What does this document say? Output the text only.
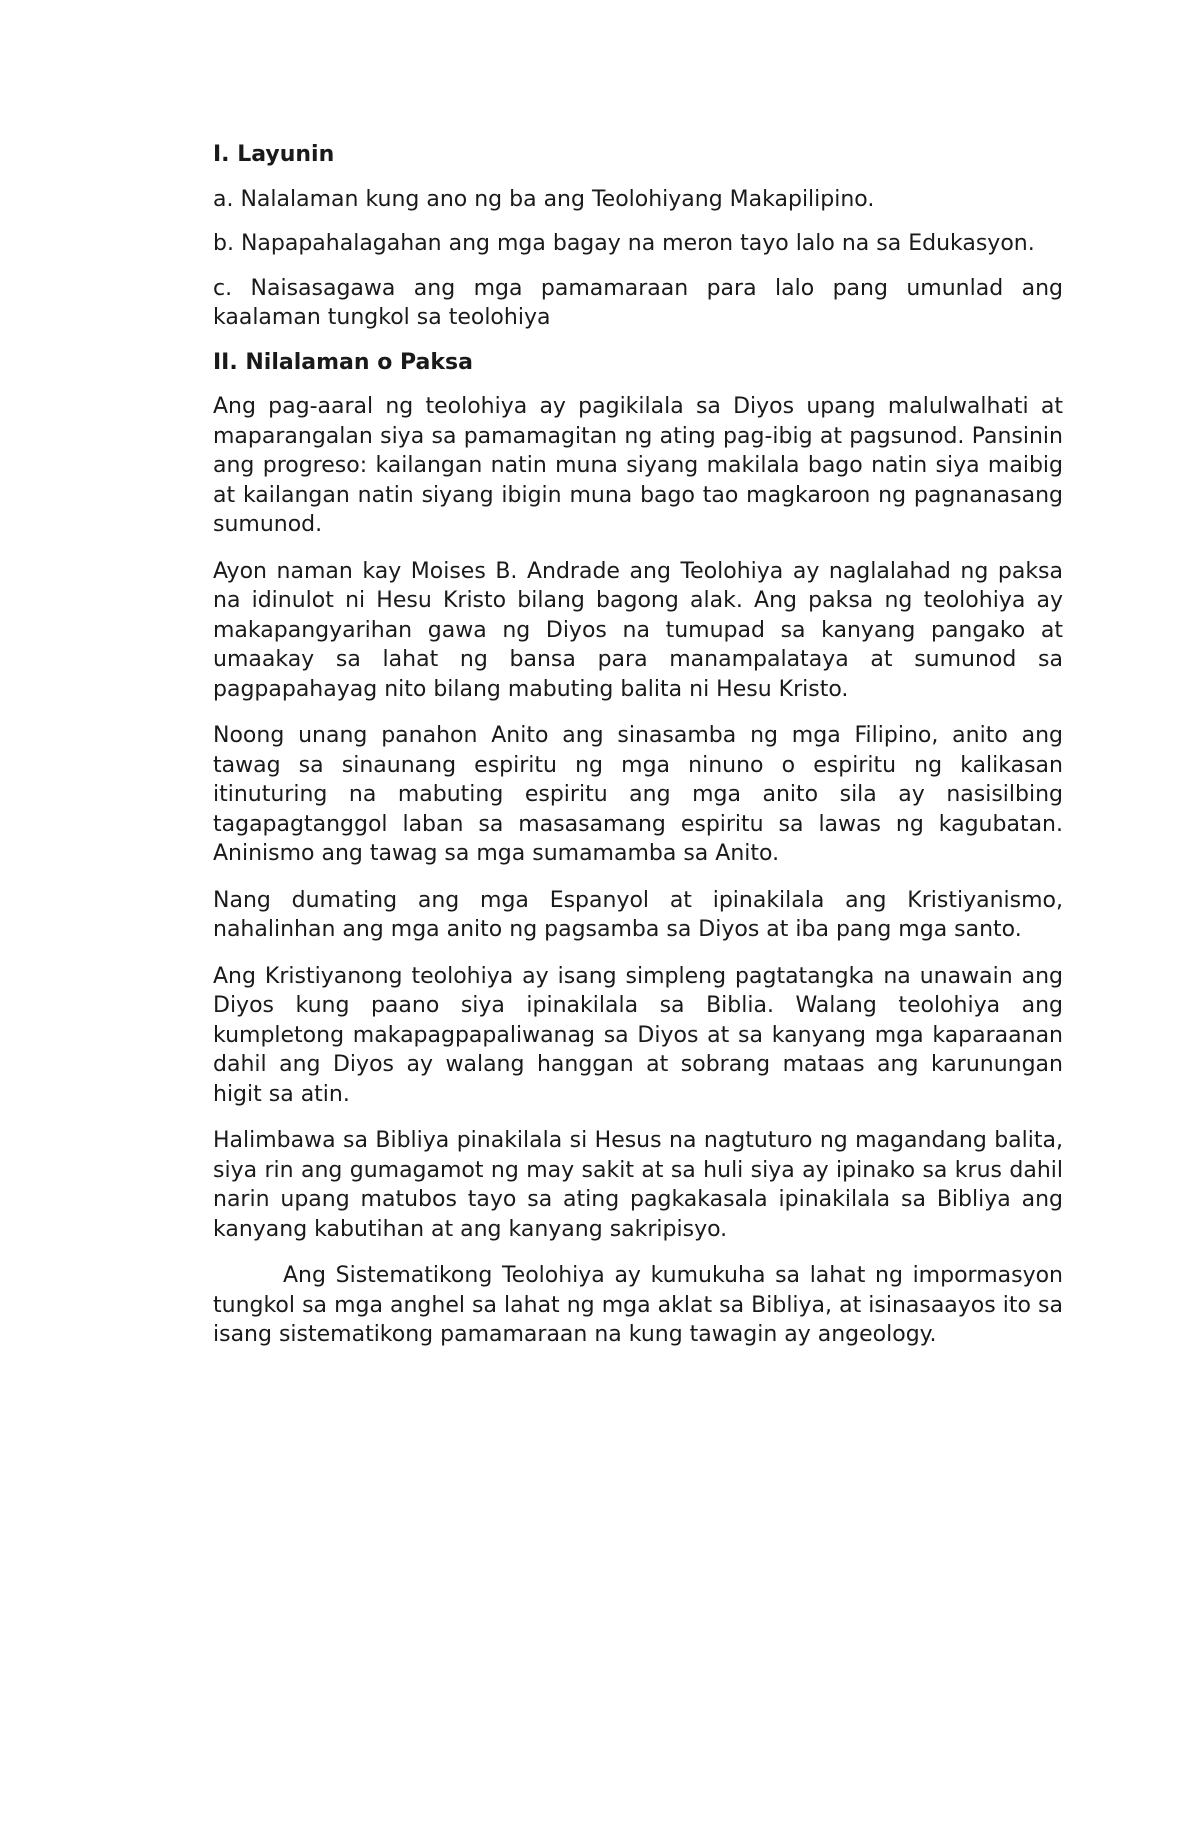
I. Layunin
a. Nalalaman kung ano ng ba ang Teolohiyang Makapilipino.
b. Napapahalagahan ang mga bagay na meron tayo lalo na sa Edukasyon.
c. Naisasagawa ang mga pamamaraan para lalo pang umunlad ang kaalaman tungkol sa teolohiya
II. Nilalaman o Paksa
Ang pag-aaral ng teolohiya ay pagikilala sa Diyos upang malulwalhati at maparangalan siya sa pamamagitan ng ating pag-ibig at pagsunod. Pansinin ang progreso: kailangan natin muna siyang makilala bago natin siya maibig at kailangan natin siyang ibigin muna bago tao magkaroon ng pagnanasang sumunod.
Ayon naman kay Moises B. Andrade ang Teolohiya ay naglalahad ng paksa na idinulot ni Hesu Kristo bilang bagong alak. Ang paksa ng teolohiya ay makapangyarihan gawa ng Diyos na tumupad sa kanyang pangako at umaakay sa lahat ng bansa para manampalataya at sumunod sa pagpapahayag nito bilang mabuting balita ni Hesu Kristo.
Noong unang panahon Anito ang sinasamba ng mga Filipino, anito ang tawag sa sinaunang espiritu ng mga ninuno o espiritu ng kalikasan itinuturing na mabuting espiritu ang mga anito sila ay nasisilbing tagapagtanggol laban sa masasamang espiritu sa lawas ng kagubatan. Aninismo ang tawag sa mga sumamamba sa Anito.
Nang dumating ang mga Espanyol at ipinakilala ang Kristiyanismo, nahalinhan ang mga anito ng pagsamba sa Diyos at iba pang mga santo.
Ang Kristiyanong teolohiya ay isang simpleng pagtatangka na unawain ang Diyos kung paano siya ipinakilala sa Biblia. Walang teolohiya ang kumpletong makapagpapaliwanag sa Diyos at sa kanyang mga kaparaanan dahil ang Diyos ay walang hanggan at sobrang mataas ang karunungan higit sa atin.
Halimbawa sa Bibliya pinakilala si Hesus na nagtuturo ng magandang balita, siya rin ang gumagamot ng may sakit at sa huli siya ay ipinako sa krus dahil narin upang matubos tayo sa ating pagkakasala ipinakilala sa Bibliya ang kanyang kabutihan at ang kanyang sakripisyo.
Ang Sistematikong Teolohiya ay kumukuha sa lahat ng impormasyon tungkol sa mga anghel sa lahat ng mga aklat sa Bibliya, at isinasaayos ito sa isang sistematikong pamamaraan na kung tawagin ay angeology.
